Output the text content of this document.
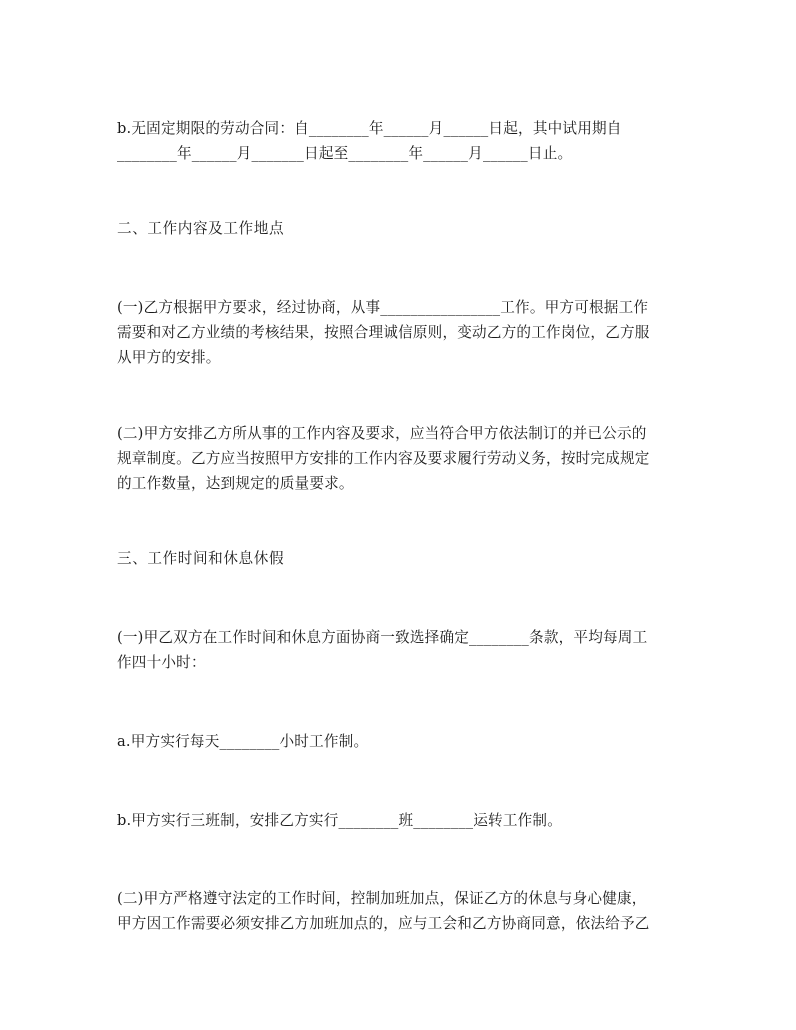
b.无固定期限的劳动合同：自________年______月______日起，其中试用期自
________年______月_______日起至________年______月______日止。

二、工作内容及工作地点

(一)乙方根据甲方要求，经过协商，从事________________工作。甲方可根据工作
需要和对乙方业绩的考核结果，按照合理诚信原则，变动乙方的工作岗位，乙方服
从甲方的安排。

(二)甲方安排乙方所从事的工作内容及要求，应当符合甲方依法制订的并已公示的
规章制度。乙方应当按照甲方安排的工作内容及要求履行劳动义务，按时完成规定
的工作数量，达到规定的质量要求。

三、工作时间和休息休假

(一)甲乙双方在工作时间和休息方面协商一致选择确定________条款，平均每周工
作四十小时：

a.甲方实行每天________小时工作制。

b.甲方实行三班制，安排乙方实行________班________运转工作制。

(二)甲方严格遵守法定的工作时间，控制加班加点，保证乙方的休息与身心健康，
甲方因工作需要必须安排乙方加班加点的，应与工会和乙方协商同意，依法给予乙
